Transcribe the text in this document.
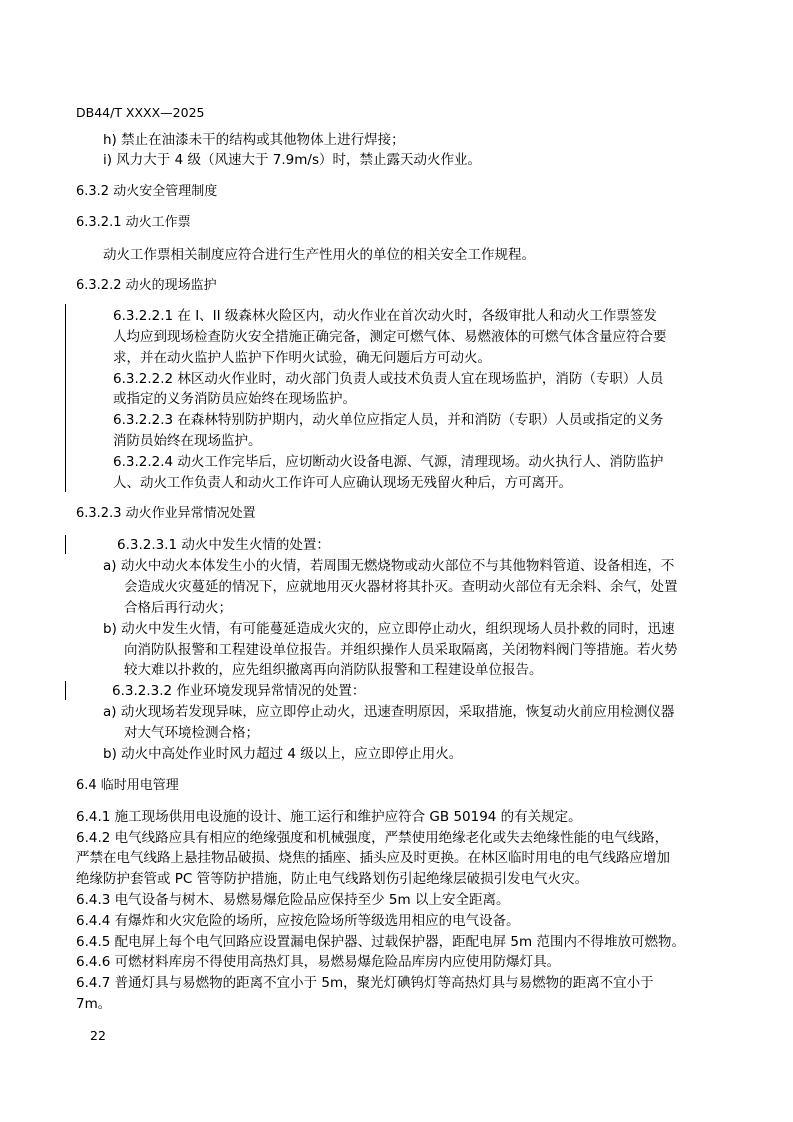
DB44/T XXXX—2025
h) 禁止在油漆未干的结构或其他物体上进行焊接；
i) 风力大于 4 级（风速大于 7.9m/s）时，禁止露天动火作业。
6.3.2 动火安全管理制度
6.3.2.1 动火工作票
动火工作票相关制度应符合进行生产性用火的单位的相关安全工作规程。
6.3.2.2 动火的现场监护
6.3.2.2.1 在 I、II 级森林火险区内，动火作业在首次动火时，各级审批人和动火工作票签发
人均应到现场检查防火安全措施正确完备，测定可燃气体、易燃液体的可燃气体含量应符合要
求，并在动火监护人监护下作明火试验，确无问题后方可动火。
6.3.2.2.2 林区动火作业时，动火部门负责人或技术负责人宜在现场监护，消防（专职）人员
或指定的义务消防员应始终在现场监护。
6.3.2.2.3 在森林特别防护期内，动火单位应指定人员，并和消防（专职）人员或指定的义务
消防员始终在现场监护。
6.3.2.2.4 动火工作完毕后，应切断动火设备电源、气源，清理现场。动火执行人、消防监护
人、动火工作负责人和动火工作许可人应确认现场无残留火种后，方可离开。
6.3.2.3 动火作业异常情况处置
6.3.2.3.1 动火中发生火情的处置：
a) 动火中动火本体发生小的火情，若周围无燃烧物或动火部位不与其他物料管道、设备相连，不
会造成火灾蔓延的情况下，应就地用灭火器材将其扑灭。查明动火部位有无余料、余气，处置
合格后再行动火；
b) 动火中发生火情，有可能蔓延造成火灾的，应立即停止动火，组织现场人员扑救的同时，迅速
向消防队报警和工程建设单位报告。并组织操作人员采取隔离，关闭物料阀门等措施。若火势
较大难以扑救的，应先组织撤离再向消防队报警和工程建设单位报告。
6.3.2.3.2 作业环境发现异常情况的处置：
a) 动火现场若发现异味，应立即停止动火，迅速查明原因，采取措施，恢复动火前应用检测仪器
对大气环境检测合格；
b) 动火中高处作业时风力超过 4 级以上，应立即停止用火。
6.4 临时用电管理
6.4.1 施工现场供用电设施的设计、施工运行和维护应符合 GB 50194 的有关规定。
6.4.2 电气线路应具有相应的绝缘强度和机械强度，严禁使用绝缘老化或失去绝缘性能的电气线路，
严禁在电气线路上悬挂物品破损、烧焦的插座、插头应及时更换。在林区临时用电的电气线路应增加
绝缘防护套管或 PC 管等防护措施，防止电气线路划伤引起绝缘层破损引发电气火灾。
6.4.3 电气设备与树木、易燃易爆危险品应保持至少 5m 以上安全距离。
6.4.4 有爆炸和火灾危险的场所，应按危险场所等级选用相应的电气设备。
6.4.5 配电屏上每个电气回路应设置漏电保护器、过载保护器，距配电屏 5m 范围内不得堆放可燃物。
6.4.6 可燃材料库房不得使用高热灯具，易燃易爆危险品库房内应使用防爆灯具。
6.4.7 普通灯具与易燃物的距离不宜小于 5m，聚光灯碘钨灯等高热灯具与易燃物的距离不宜小于
7m。
22
